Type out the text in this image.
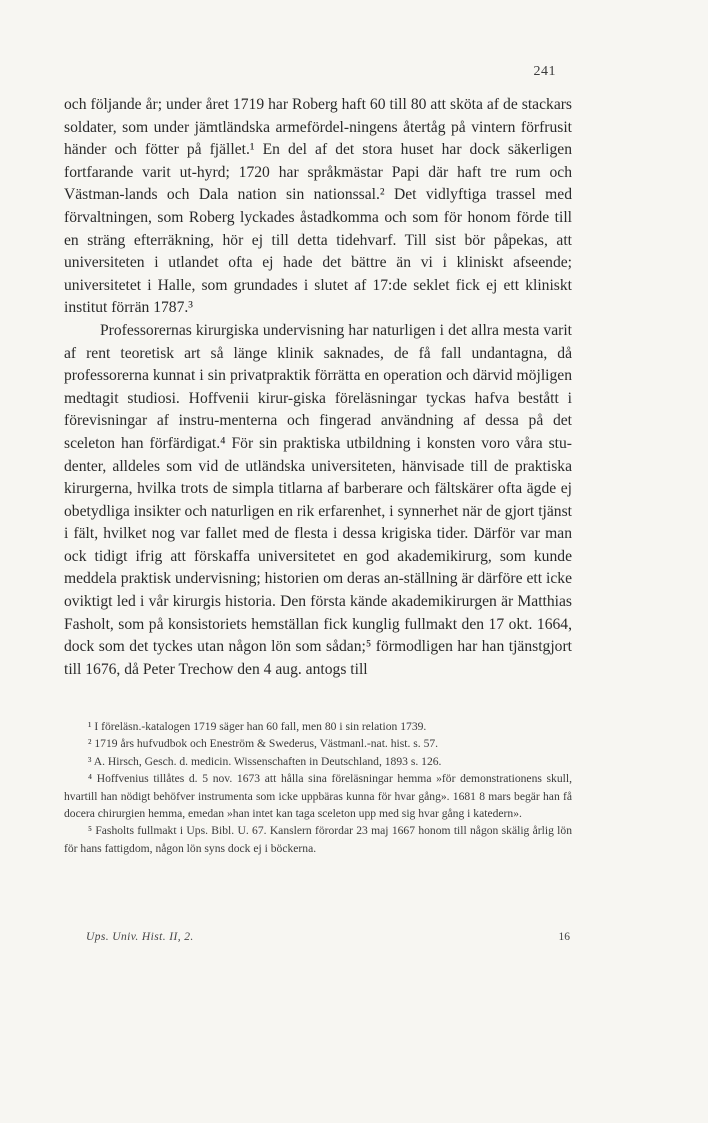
241

och följande år; under året 1719 har Roberg haft 60 till 80 att sköta af de stackars soldater, som under jämtländska armefördel-ningens återtåg på vintern förfrusit händer och fötter på fjället.¹ En del af det stora huset har dock säkerligen fortfarande varit ut-hyrd; 1720 har språkmästar Papi där haft tre rum och Västman-lands och Dala nation sin nationssal.² Det vidlyftiga trassel med förvaltningen, som Roberg lyckades åstadkomma och som för honom förde till en sträng efterräkning, hör ej till detta tidehvarf. Till sist bör påpekas, att universiteten i utlandet ofta ej hade det bättre än vi i kliniskt afseende; universitetet i Halle, som grundades i slutet af 17:de seklet fick ej ett kliniskt institut förrän 1787.³

Professorernas kirurgiska undervisning har naturligen i det allra mesta varit af rent teoretisk art så länge klinik saknades, de få fall undantagna, då professorerna kunnat i sin privatpraktik förrätta en operation och därvid möjligen medtagit studiosi. Hoffvenii kirur-giska föreläsningar tyckas hafva bestått i förevisningar af instru-menterna och fingerad användning af dessa på det sceleton han förfärdigat.⁴ För sin praktiska utbildning i konsten voro våra stu-denter, alldeles som vid de utländska universiteten, hänvisade till de praktiska kirurgerna, hvilka trots de simpla titlarna af barberare och fältskärer ofta ägde ej obetydliga insikter och naturligen en rik erfarenhet, i synnerhet när de gjort tjänst i fält, hvilket nog var fallet med de flesta i dessa krigiska tider. Därför var man ock tidigt ifrig att förskaffa universitetet en god akademikirurg, som kunde meddela praktisk undervisning; historien om deras an-ställning är därföre ett icke oviktigt led i vår kirurgis historia. Den första kände akademikirurgen är Matthias Fasholt, som på konsistoriets hemställan fick kunglig fullmakt den 17 okt. 1664, dock som det tyckes utan någon lön som sådan;⁵ förmodligen har han tjänstgjort till 1676, då Peter Trechow den 4 aug. antogs till

¹ I föreläsn.-katalogen 1719 säger han 60 fall, men 80 i sin relation 1739.

² 1719 års hufvudbok och Eneström & Swederus, Västmanl.-nat. hist. s. 57.

³ A. Hirsch, Gesch. d. medicin. Wissenschaften in Deutschland, 1893 s. 126.

⁴ Hoffvenius tillåtes d. 5 nov. 1673 att hålla sina föreläsningar hemma »för demonstrationens skull, hvartill han nödigt behöfver instrumenta som icke uppbäras kunna för hvar gång». 1681 8 mars begär han få docera chirurgien hemma, emedan »han intet kan taga sceleton upp med sig hvar gång i katedern».

⁵ Fasholts fullmakt i Ups. Bibl. U. 67. Kanslern förordar 23 maj 1667 honom till någon skälig årlig lön för hans fattigdom, någon lön syns dock ej i böckerna.

Ups. Univ. Hist. II, 2.	16
